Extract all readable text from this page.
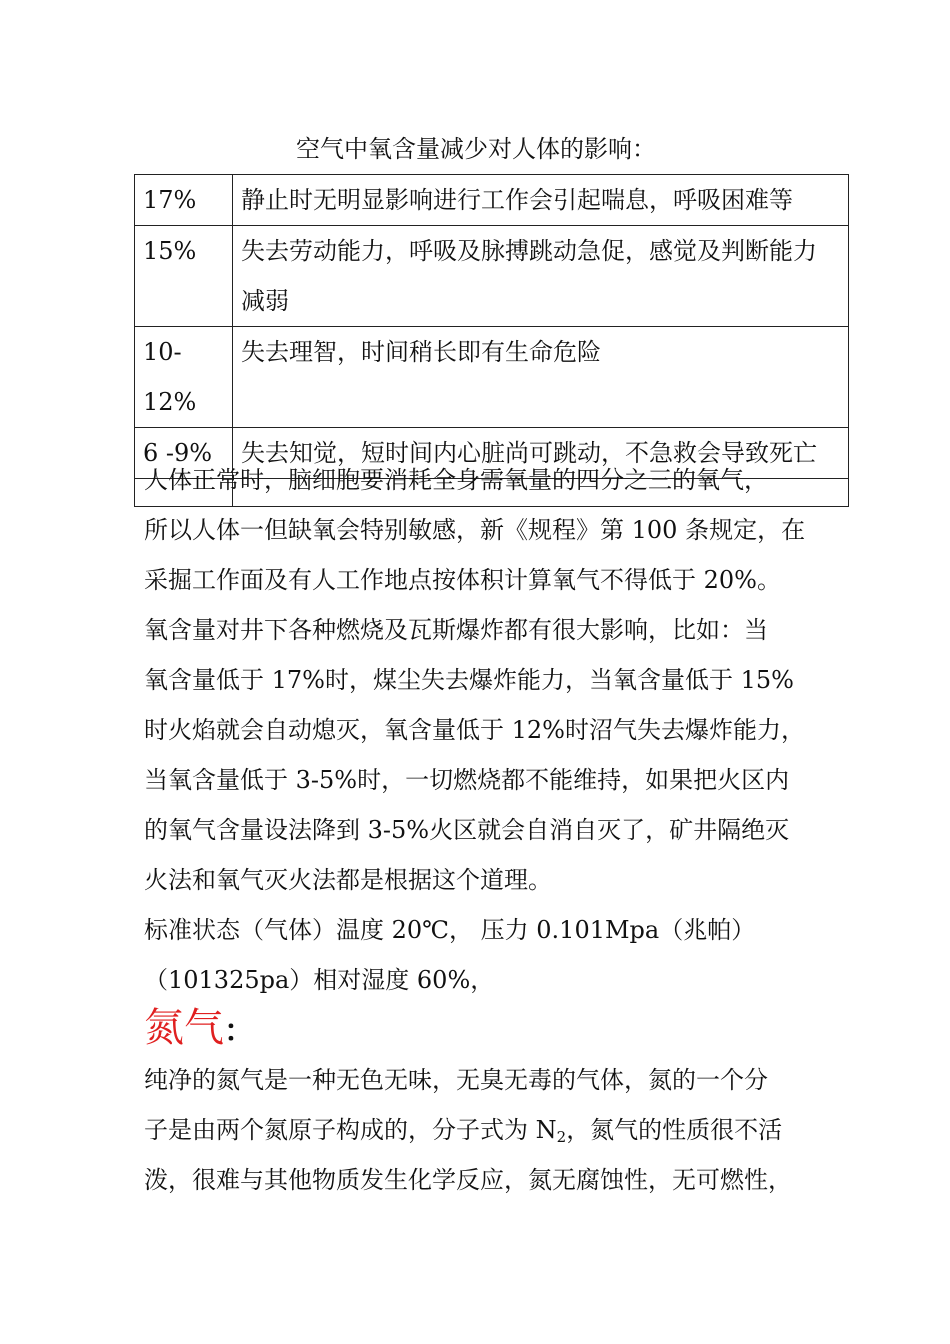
空气中氧含量减少对人体的影响：
17%	静止时无明显影响进行工作会引起喘息，呼吸困难等
15%	失去劳动能力，呼吸及脉搏跳动急促，感觉及判断能力
减弱

10-12%	失去理智，时间稍长即有生命危险
6 -9%	失去知觉，短时间内心脏尚可跳动，不急救会导致死亡

人体正常时，脑细胞要消耗全身需氧量的四分之三的氧气，
所以人体一但缺氧会特别敏感，新《规程》第 100 条规定，在
采掘工作面及有人工作地点按体积计算氧气不得低于 20%。
氧含量对井下各种燃烧及瓦斯爆炸都有很大影响，比如：当
氧含量低于 17%时，煤尘失去爆炸能力，当氧含量低于 15%
时火焰就会自动熄灭，氧含量低于 12%时沼气失去爆炸能力，
当氧含量低于 3-5%时，一切燃烧都不能维持，如果把火区内
的氧气含量设法降到 3-5%火区就会自消自灭了，矿井隔绝灭
火法和氧气灭火法都是根据这个道理。
标准状态（气体）温度 20℃， 压力 0.101Mpa（兆帕）
（101325pa）相对湿度 60%，
氮气：
纯净的氮气是一种无色无味，无臭无毒的气体，氮的一个分
子是由两个氮原子构成的，分子式为 $N_2$，氮气的性质很不活
泼，很难与其他物质发生化学反应，氮无腐蚀性，无可燃性，
